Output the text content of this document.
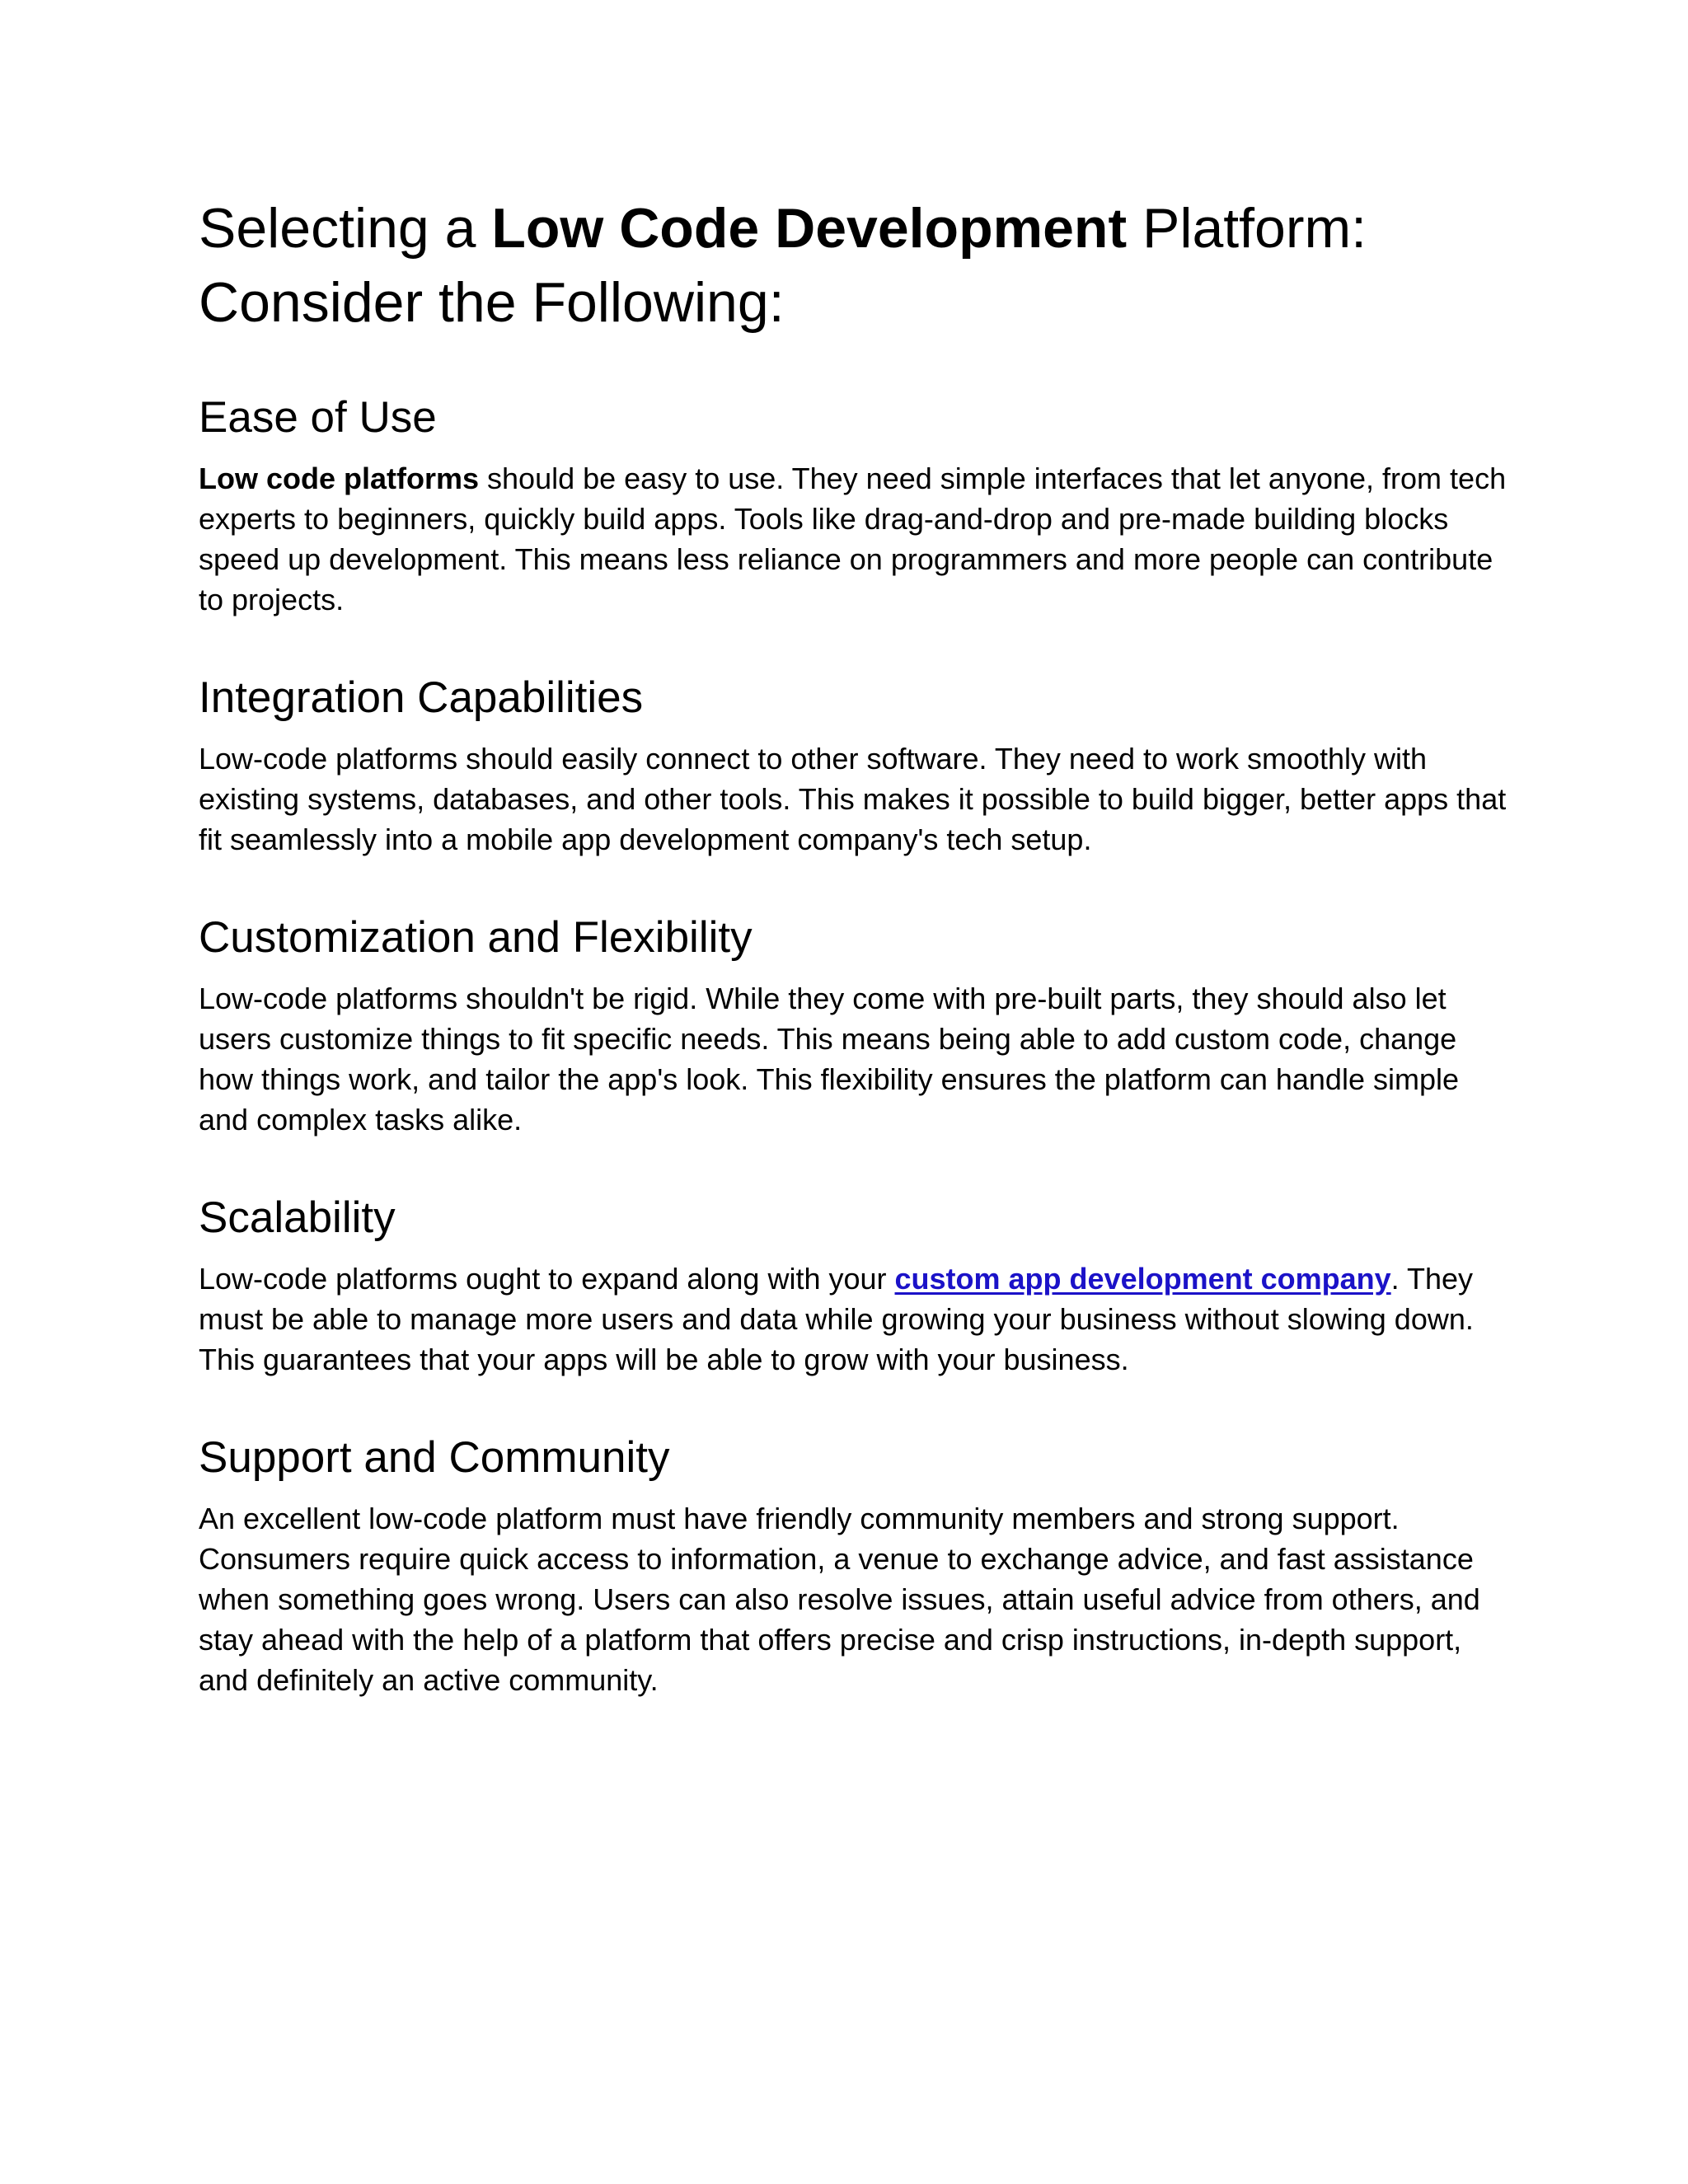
Selecting a Low Code Development Platform: Consider the Following:
Ease of Use

Low code platforms should be easy to use. They need simple interfaces that let anyone, from tech experts to beginners, quickly build apps. Tools like drag-and-drop and pre-made building blocks speed up development. This means less reliance on programmers and more people can contribute to projects.

Integration Capabilities

Low-code platforms should easily connect to other software. They need to work smoothly with existing systems, databases, and other tools. This makes it possible to build bigger, better apps that fit seamlessly into a mobile app development company's tech setup.

Customization and Flexibility

Low-code platforms shouldn't be rigid. While they come with pre-built parts, they should also let users customize things to fit specific needs. This means being able to add custom code, change how things work, and tailor the app's look. This flexibility ensures the platform can handle simple and complex tasks alike.

Scalability

Low-code platforms ought to expand along with your custom app development company. They must be able to manage more users and data while growing your business without slowing down. This guarantees that your apps will be able to grow with your business.

Support and Community

An excellent low-code platform must have friendly community members and strong support. Consumers require quick access to information, a venue to exchange advice, and fast assistance when something goes wrong. Users can also resolve issues, attain useful advice from others, and stay ahead with the help of a platform that offers precise and crisp instructions, in-depth support, and definitely an active community.
